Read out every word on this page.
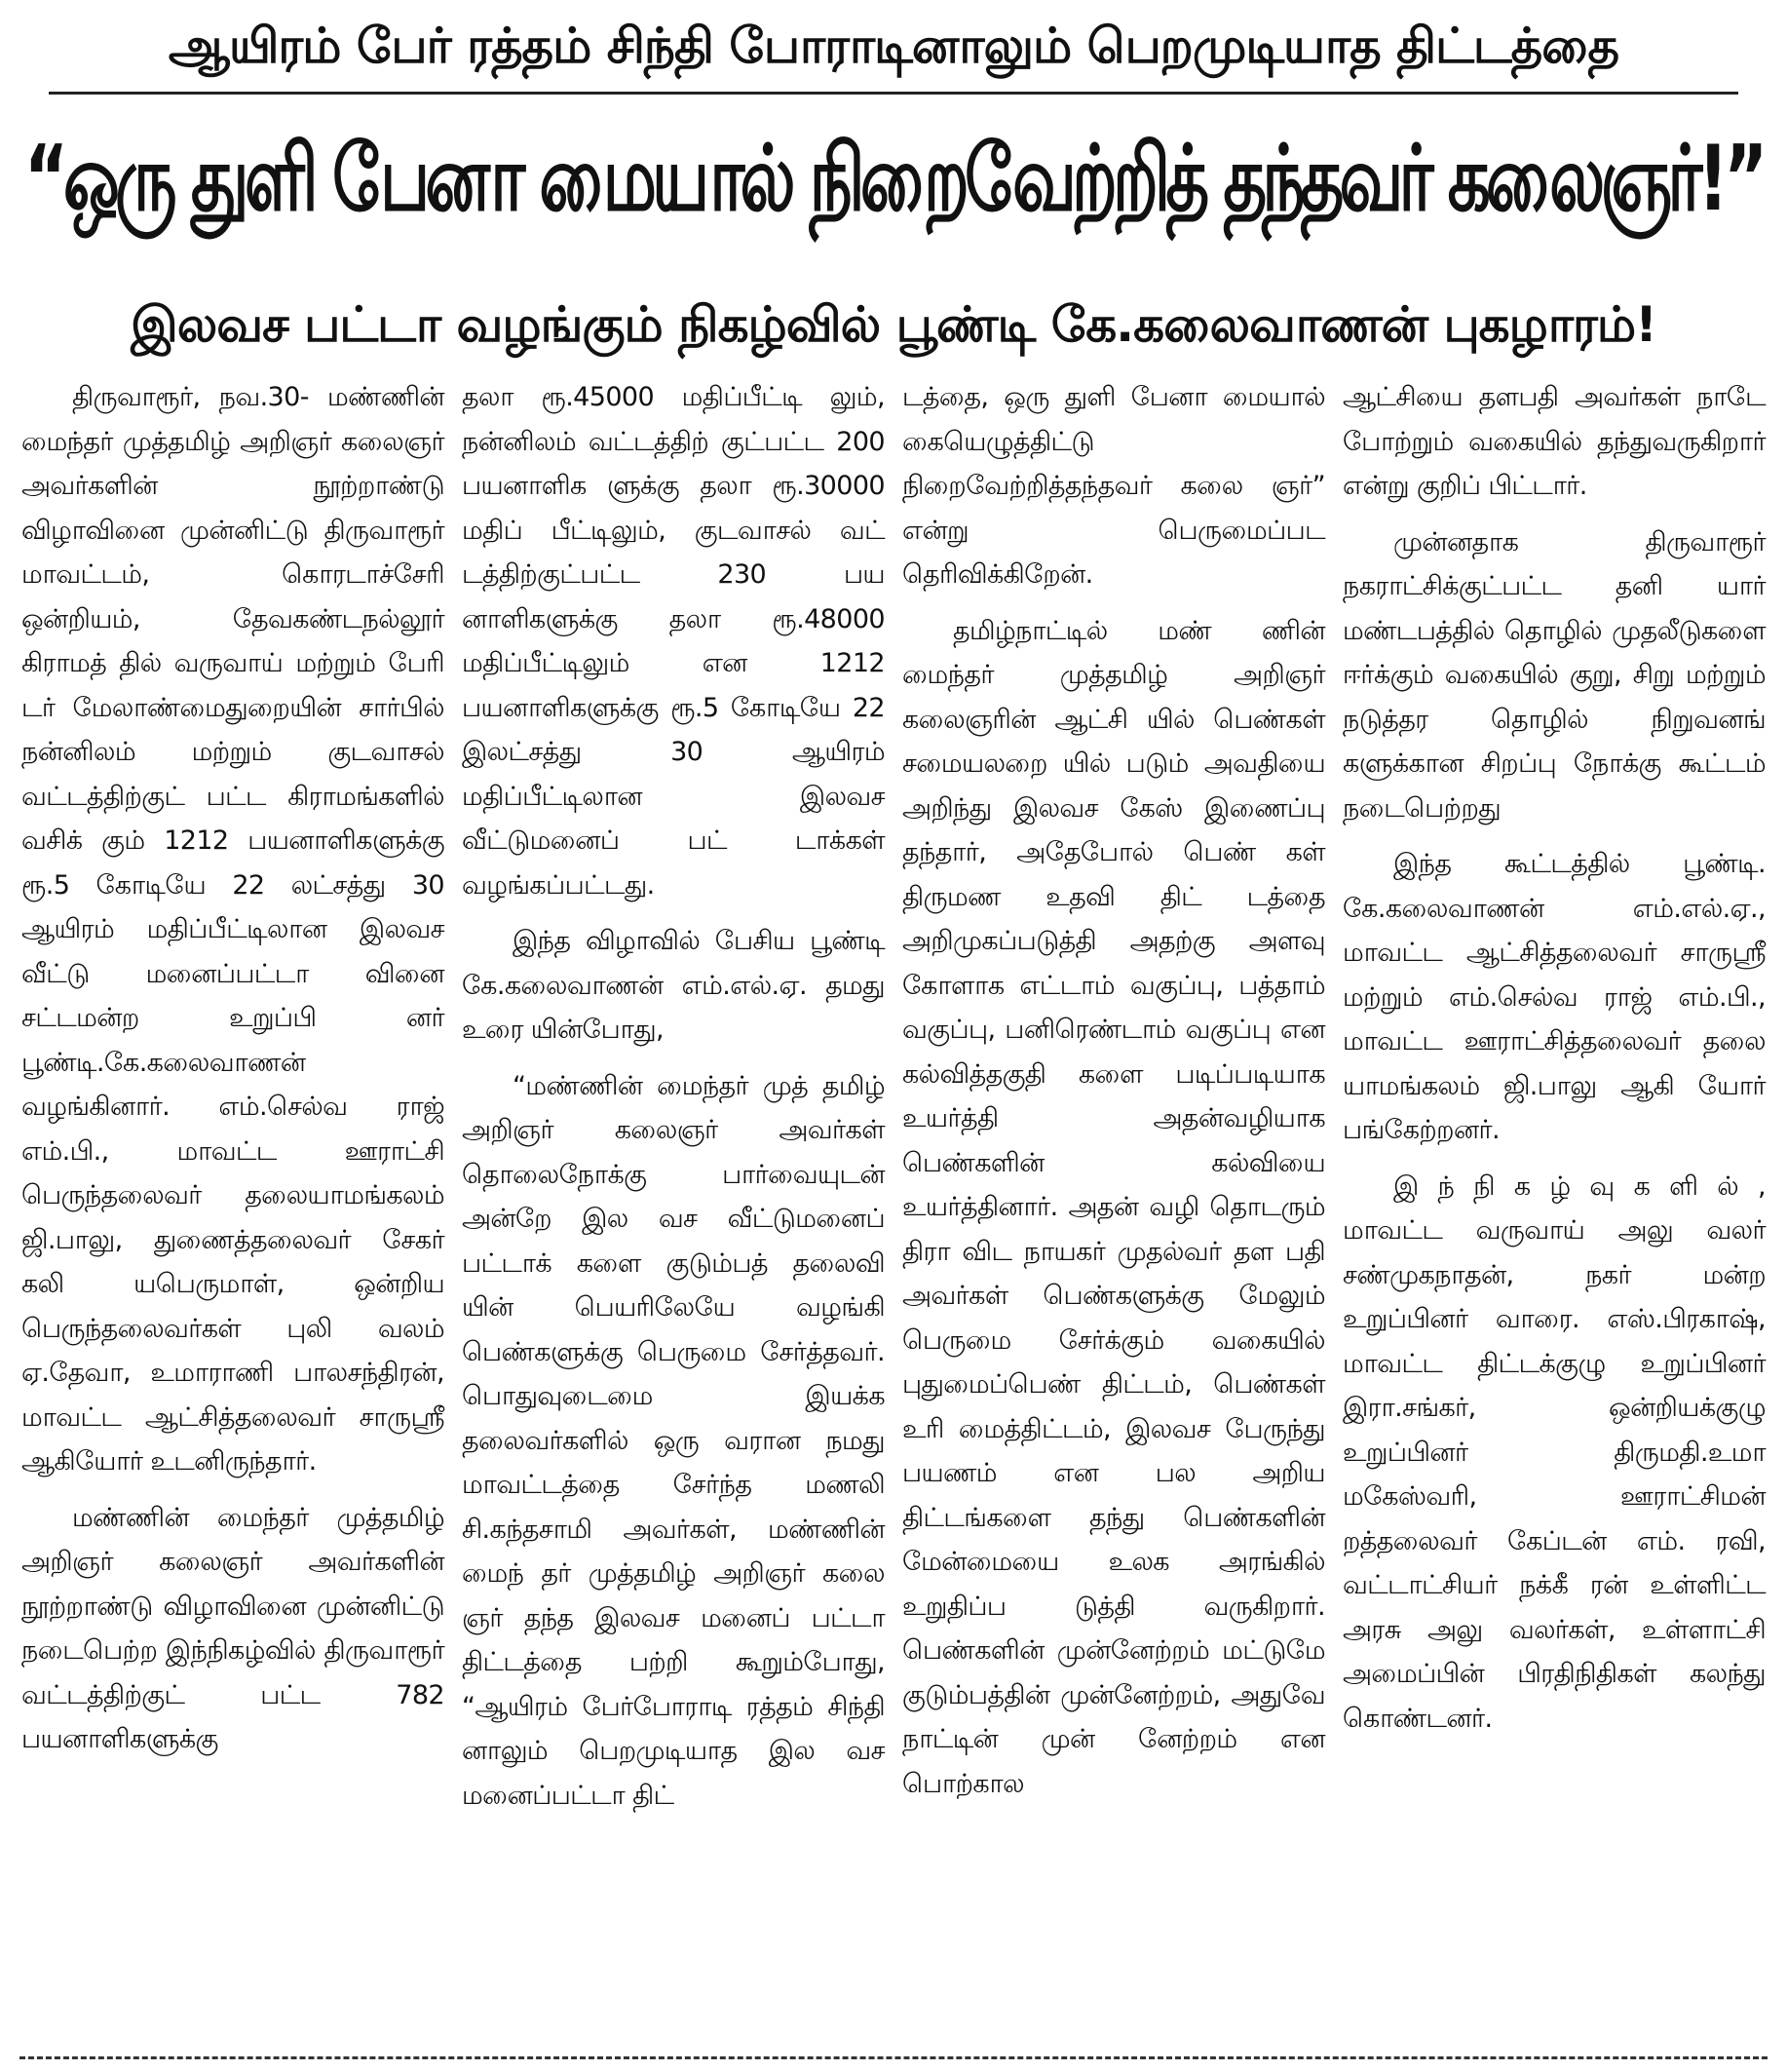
ஆயிரம் பேர் ரத்தம் சிந்தி போராடினாலும் பெறமுடியாத திட்டத்தை
“ஒரு துளி பேனா மையால் நிறைவேற்றித் தந்தவர் கலைஞர்!”
இலவச பட்டா வழங்கும் நிகழ்வில் பூண்டி கே.கலைவாணன் புகழாரம்!

திருவாரூர், நவ.30- மண்ணின் மைந்தர் முத்தமிழ் அறிஞர் கலைஞர் அவர்களின் நூற்றாண்டு விழாவினை முன்னிட்டு திருவாரூர் மாவட்டம், கொரடாச்சேரி ஒன்றியம், தேவகண்டநல்லூர் கிராமத் தில் வருவாய் மற்றும் பேரி டர் மேலாண்மைதுறையின் சார்பில் நன்னிலம் மற்றும் குடவாசல் வட்டத்திற்குட் பட்ட கிராமங்களில் வசிக் கும் 1212 பயனாளிகளுக்கு ரூ.5 கோடியே 22 லட்சத்து 30 ஆயிரம் மதிப்பீட்டிலான இலவச வீட்டு மனைப்பட்டா வினை சட்டமன்ற உறுப்பி னர் பூண்டி.கே.கலைவாணன் வழங்கினார். எம்.செல்வ ராஜ் எம்.பி., மாவட்ட ஊராட்சி பெருந்தலைவர் தலையாமங்கலம் ஜி.பாலு, துணைத்தலைவர் சேகர் கலி யபெருமாள், ஒன்றிய பெருந்தலைவர்கள் புலி வலம் ஏ.தேவா, உமாராணி பாலசந்திரன், மாவட்ட ஆட்சித்தலைவர் சாருஸ்ரீ ஆகியோர் உடனிருந்தார்.

மண்ணின் மைந்தர் முத்தமிழ் அறிஞர் கலைஞர் அவர்களின் நூற்றாண்டு விழாவினை முன்னிட்டு நடைபெற்ற இந்நிகழ்வில் திருவாரூர் வட்டத்திற்குட் பட்ட 782 பயனாளிகளுக்கு

தலா ரூ.45000 மதிப்பீட்டி லும், நன்னிலம் வட்டத்திற் குட்பட்ட 200 பயனாளிக ளுக்கு தலா ரூ.30000 மதிப் பீட்டிலும், குடவாசல் வட் டத்திற்குட்பட்ட 230 பய னாளிகளுக்கு தலா ரூ.48000 மதிப்பீட்டிலும் என 1212 பயனாளிகளுக்கு ரூ.5 கோடியே 22 இலட்சத்து 30 ஆயிரம் மதிப்பீட்டிலான இலவச வீட்டுமனைப் பட் டாக்கள் வழங்கப்பட்டது.

இந்த விழாவில் பேசிய பூண்டி கே.கலைவாணன் எம்.எல்.ஏ. தமது உரை யின்போது,

“மண்ணின் மைந்தர் முத் தமிழ் அறிஞர் கலைஞர் அவர்கள் தொலைநோக்கு பார்வையுடன் அன்றே இல வச வீட்டுமனைப் பட்டாக் களை குடும்பத் தலைவி யின் பெயரிலேயே வழங்கி பெண்களுக்கு பெருமை சேர்த்தவர். பொதுவுடைமை இயக்க தலைவர்களில் ஒரு வரான நமது மாவட்டத்தை சேர்ந்த மணலி சி.கந்தசாமி அவர்கள், மண்ணின் மைந் தர் முத்தமிழ் அறிஞர் கலை ஞர் தந்த இலவச மனைப் பட்டா திட்டத்தை பற்றி கூறும்போது, “ஆயிரம் பேர்போராடி ரத்தம் சிந்தி னாலும் பெறமுடியாத இல வச மனைப்பட்டா திட்

டத்தை, ஒரு துளி பேனா மையால் கையெழுத்திட்டு நிறைவேற்றித்தந்தவர் கலை ஞர்” என்று பெருமைப்பட தெரிவிக்கிறேன்.

தமிழ்நாட்டில் மண் ணின் மைந்தர் முத்தமிழ் அறிஞர் கலைஞரின் ஆட்சி யில் பெண்கள் சமையலறை யில் படும் அவதியை அறிந்து இலவச கேஸ் இணைப்பு தந்தார், அதேபோல் பெண் கள் திருமண உதவி திட் டத்தை அறிமுகப்படுத்தி அதற்கு அளவு கோளாக எட்டாம் வகுப்பு, பத்தாம் வகுப்பு, பனிரெண்டாம் வகுப்பு என கல்வித்தகுதி களை படிப்படியாக உயர்த்தி அதன்வழியாக பெண்களின் கல்வியை உயர்த்தினார். அதன் வழி தொடரும் திரா விட நாயகர் முதல்வர் தள பதி அவர்கள் பெண்களுக்கு மேலும் பெருமை சேர்க்கும் வகையில் புதுமைப்பெண் திட்டம், பெண்கள் உரி மைத்திட்டம், இலவச பேருந்து பயணம் என பல அறிய திட்டங்களை தந்து பெண்களின் மேன்மையை உலக அரங்கில் உறுதிப்ப டுத்தி வருகிறார். பெண்களின் முன்னேற்றம் மட்டுமே குடும்பத்தின் முன்னேற்றம், அதுவே நாட்டின் முன் னேற்றம் என பொற்கால

ஆட்சியை தளபதி அவர்கள் நாடே போற்றும் வகையில் தந்துவருகிறார் என்று குறிப் பிட்டார்.

முன்னதாக திருவாரூர் நகராட்சிக்குட்பட்ட தனி யார் மண்டபத்தில் தொழில் முதலீடுகளை ஈர்க்கும் வகையில் குறு, சிறு மற்றும் நடுத்தர தொழில் நிறுவனங் களுக்கான சிறப்பு நோக்கு கூட்டம் நடைபெற்றது

இந்த கூட்டத்தில் பூண்டி. கே.கலைவாணன் எம்.எல்.ஏ., மாவட்ட ஆட்சித்தலைவர் சாருஸ்ரீ மற்றும் எம்.செல்வ ராஜ் எம்.பி., மாவட்ட ஊராட்சித்தலைவர் தலை யாமங்கலம் ஜி.பாலு ஆகி யோர் பங்கேற்றனர்.

இ ந் நி க ழ் வு க ளி ல் , மாவட்ட வருவாய் அலு வலர் சண்முகநாதன், நகர் மன்ற உறுப்பினர் வாரை. எஸ்.பிரகாஷ், மாவட்ட திட்டக்குழு உறுப்பினர் இரா.சங்கர், ஒன்றியக்குழு உறுப்பினர் திருமதி.உமா மகேஸ்வரி, ஊராட்சிமன் றத்தலைவர் கேப்டன் எம். ரவி, வட்டாட்சியர் நக்கீ ரன் உள்ளிட்ட அரசு அலு வலர்கள், உள்ளாட்சி அமைப்பின் பிரதிநிதிகள் கலந்து கொண்டனர்.
